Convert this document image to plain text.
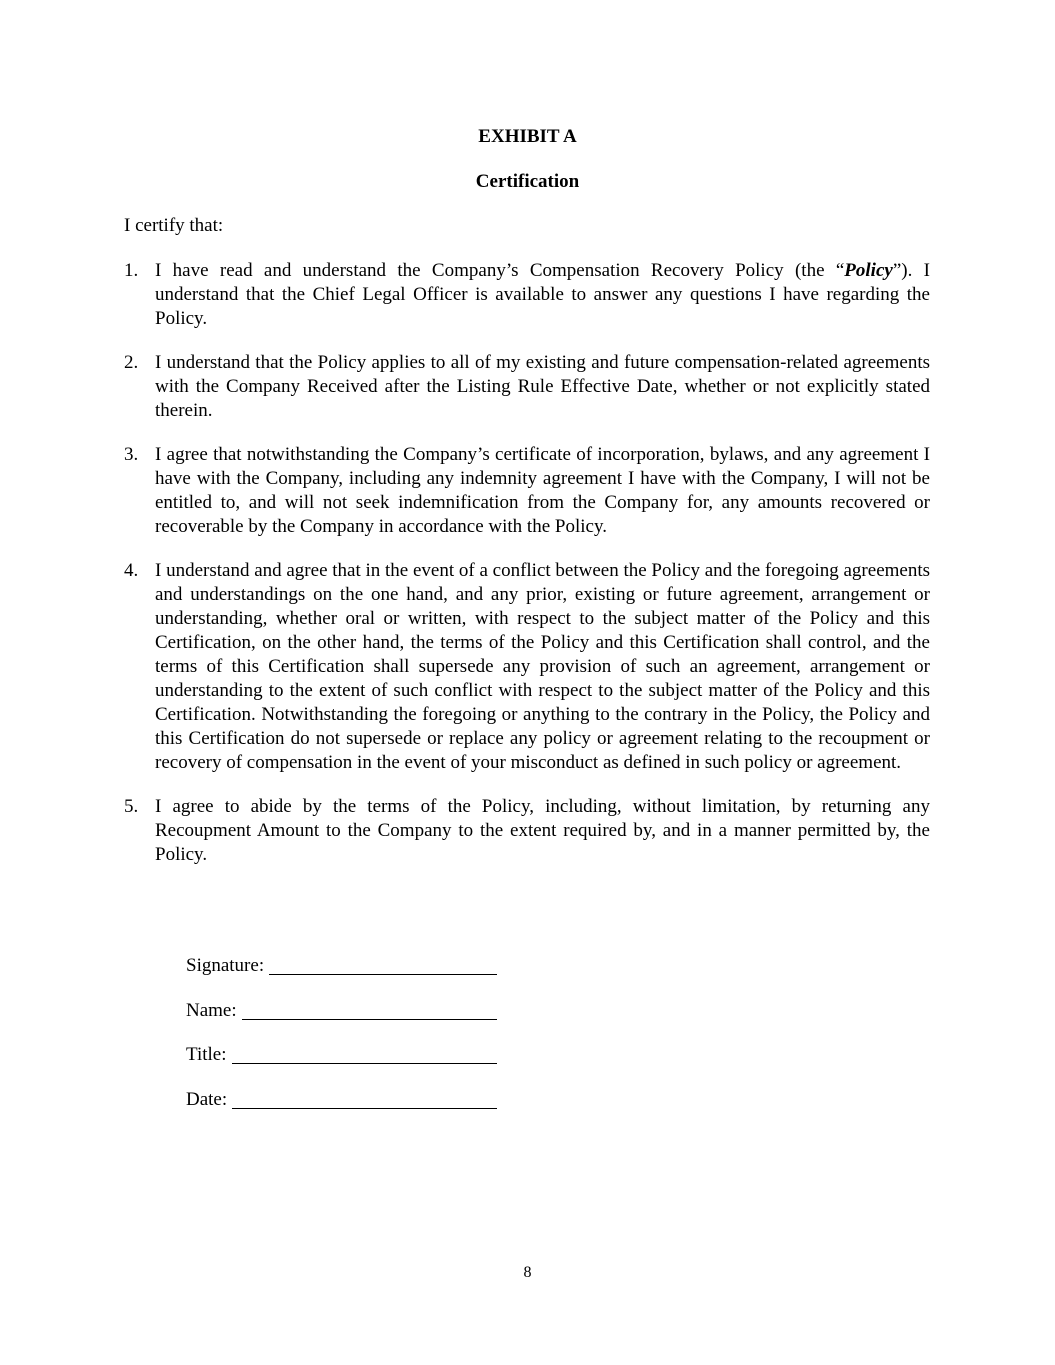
EXHIBIT A
Certification
I certify that:
1. I have read and understand the Company’s Compensation Recovery Policy (the “Policy”). I understand that the Chief Legal Officer is available to answer any questions I have regarding the Policy.
2. I understand that the Policy applies to all of my existing and future compensation-related agreements with the Company Received after the Listing Rule Effective Date, whether or not explicitly stated therein.
3. I agree that notwithstanding the Company’s certificate of incorporation, bylaws, and any agreement I have with the Company, including any indemnity agreement I have with the Company, I will not be entitled to, and will not seek indemnification from the Company for, any amounts recovered or recoverable by the Company in accordance with the Policy.
4. I understand and agree that in the event of a conflict between the Policy and the foregoing agreements and understandings on the one hand, and any prior, existing or future agreement, arrangement or understanding, whether oral or written, with respect to the subject matter of the Policy and this Certification, on the other hand, the terms of the Policy and this Certification shall control, and the terms of this Certification shall supersede any provision of such an agreement, arrangement or understanding to the extent of such conflict with respect to the subject matter of the Policy and this Certification. Notwithstanding the foregoing or anything to the contrary in the Policy, the Policy and this Certification do not supersede or replace any policy or agreement relating to the recoupment or recovery of compensation in the event of your misconduct as defined in such policy or agreement.
5. I agree to abide by the terms of the Policy, including, without limitation, by returning any Recoupment Amount to the Company to the extent required by, and in a manner permitted by, the Policy.
Signature:
Name:
Title:
Date:
8
